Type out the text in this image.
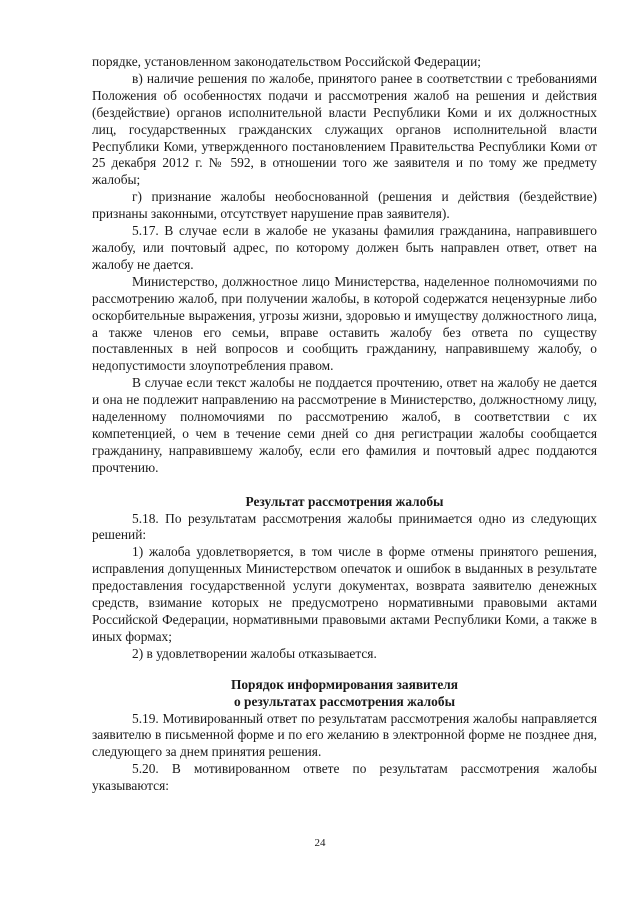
порядке, установленном законодательством Российской Федерации;

в) наличие решения по жалобе, принятого ранее в соответствии с требованиями Положения об особенностях подачи и рассмотрения жалоб на решения и действия (бездействие) органов исполнительной власти Республики Коми и их должностных лиц, государственных гражданских служащих органов исполнительной власти Республики Коми, утвержденного постановлением Правительства Республики Коми от 25 декабря 2012 г. № 592, в отношении того же заявителя и по тому же предмету жалобы;

г) признание жалобы необоснованной (решения и действия (бездействие) признаны законными, отсутствует нарушение прав заявителя).

5.17. В случае если в жалобе не указаны фамилия гражданина, направившего жалобу, или почтовый адрес, по которому должен быть направлен ответ, ответ на жалобу не дается.

Министерство, должностное лицо Министерства, наделенное полномочиями по рассмотрению жалоб, при получении жалобы, в которой содержатся нецензурные либо оскорбительные выражения, угрозы жизни, здоровью и имуществу должностного лица, а также членов его семьи, вправе оставить жалобу без ответа по существу поставленных в ней вопросов и сообщить гражданину, направившему жалобу, о недопустимости злоупотребления правом.

В случае если текст жалобы не поддается прочтению, ответ на жалобу не дается и она не подлежит направлению на рассмотрение в Министерство, должностному лицу, наделенному полномочиями по рассмотрению жалоб, в соответствии с их компетенцией, о чем в течение семи дней со дня регистрации жалобы сообщается гражданину, направившему жалобу, если его фамилия и почтовый адрес поддаются прочтению.

Результат рассмотрения жалобы

5.18. По результатам рассмотрения жалобы принимается одно из следующих решений:

1) жалоба удовлетворяется, в том числе в форме отмены принятого решения, исправления допущенных Министерством опечаток и ошибок в выданных в результате предоставления государственной услуги документах, возврата заявителю денежных средств, взимание которых не предусмотрено нормативными правовыми актами Российской Федерации, нормативными правовыми актами Республики Коми, а также в иных формах;

2) в удовлетворении жалобы отказывается.

Порядок информирования заявителя

о результатах рассмотрения жалобы

5.19. Мотивированный ответ по результатам рассмотрения жалобы направляется заявителю в письменной форме и по его желанию в электронной форме не позднее дня, следующего за днем принятия решения.

5.20. В мотивированном ответе по результатам рассмотрения жалобы указываются:

24
